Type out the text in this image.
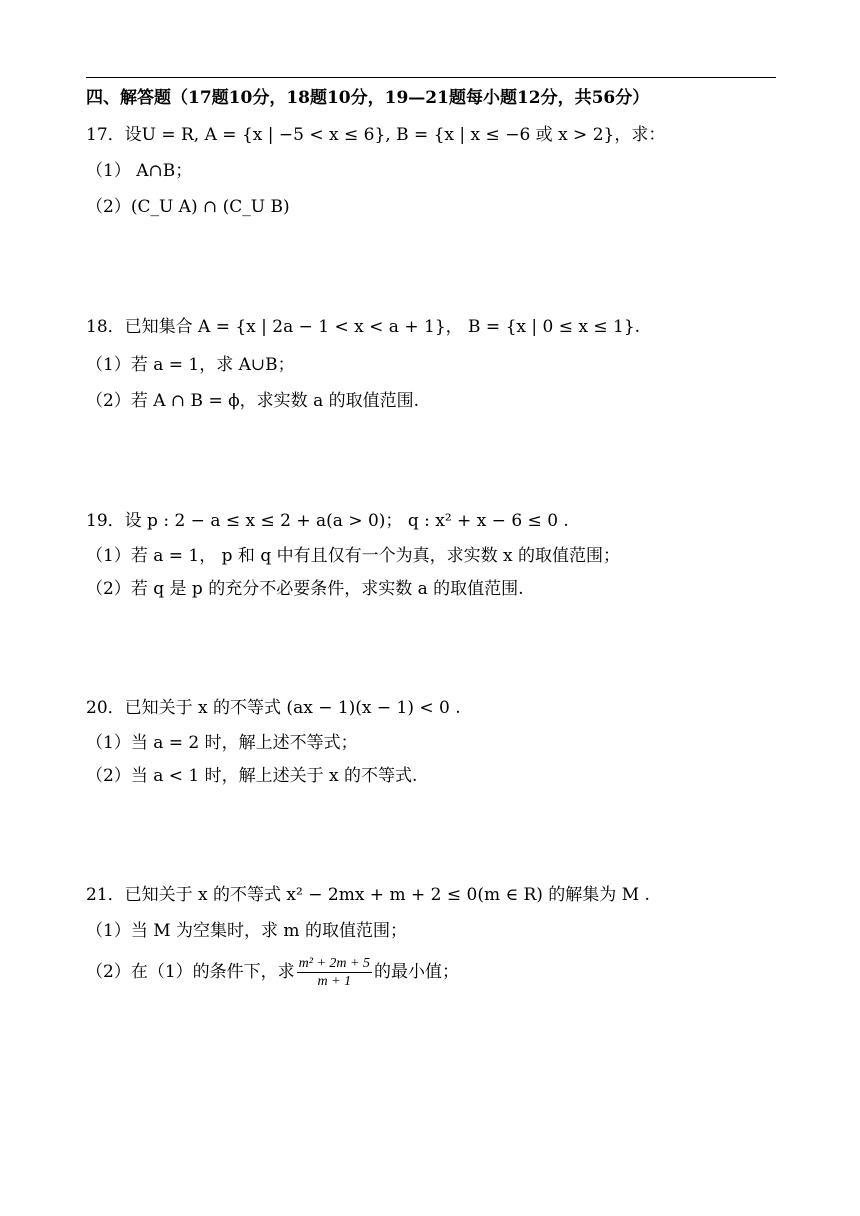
四、解答题（17题10分，18题10分，19—21题每小题12分，共56分）
17．设U = R, A = {x | −5 < x ≤ 6}, B = {x | x ≤ −6 或 x > 2}，求：
（1） A∩B；
（2）(C_U A) ∩ (C_U B)
18．已知集合 A = {x | 2a − 1 < x < a + 1}， B = {x | 0 ≤ x ≤ 1}.
（1）若 a = 1，求 A∪B；
（2）若 A ∩ B = ϕ，求实数 a 的取值范围.
19．设 p : 2 − a ≤ x ≤ 2 + a(a > 0)； q : x² + x − 6 ≤ 0 .
（1）若 a = 1， p 和 q 中有且仅有一个为真，求实数 x 的取值范围；
（2）若 q 是 p 的充分不必要条件，求实数 a 的取值范围.
20．已知关于 x 的不等式 (ax − 1)(x − 1) < 0 .
（1）当 a = 2 时，解上述不等式；
（2）当 a < 1 时，解上述关于 x 的不等式.
21．已知关于 x 的不等式 x² − 2mx + m + 2 ≤ 0(m ∈ R) 的解集为 M .
（1）当 M 为空集时，求 m 的取值范围；
（2）在（1）的条件下，求 $\frac{\text{m² + 2m + 5}}{m + 1}$ 的最小值；
